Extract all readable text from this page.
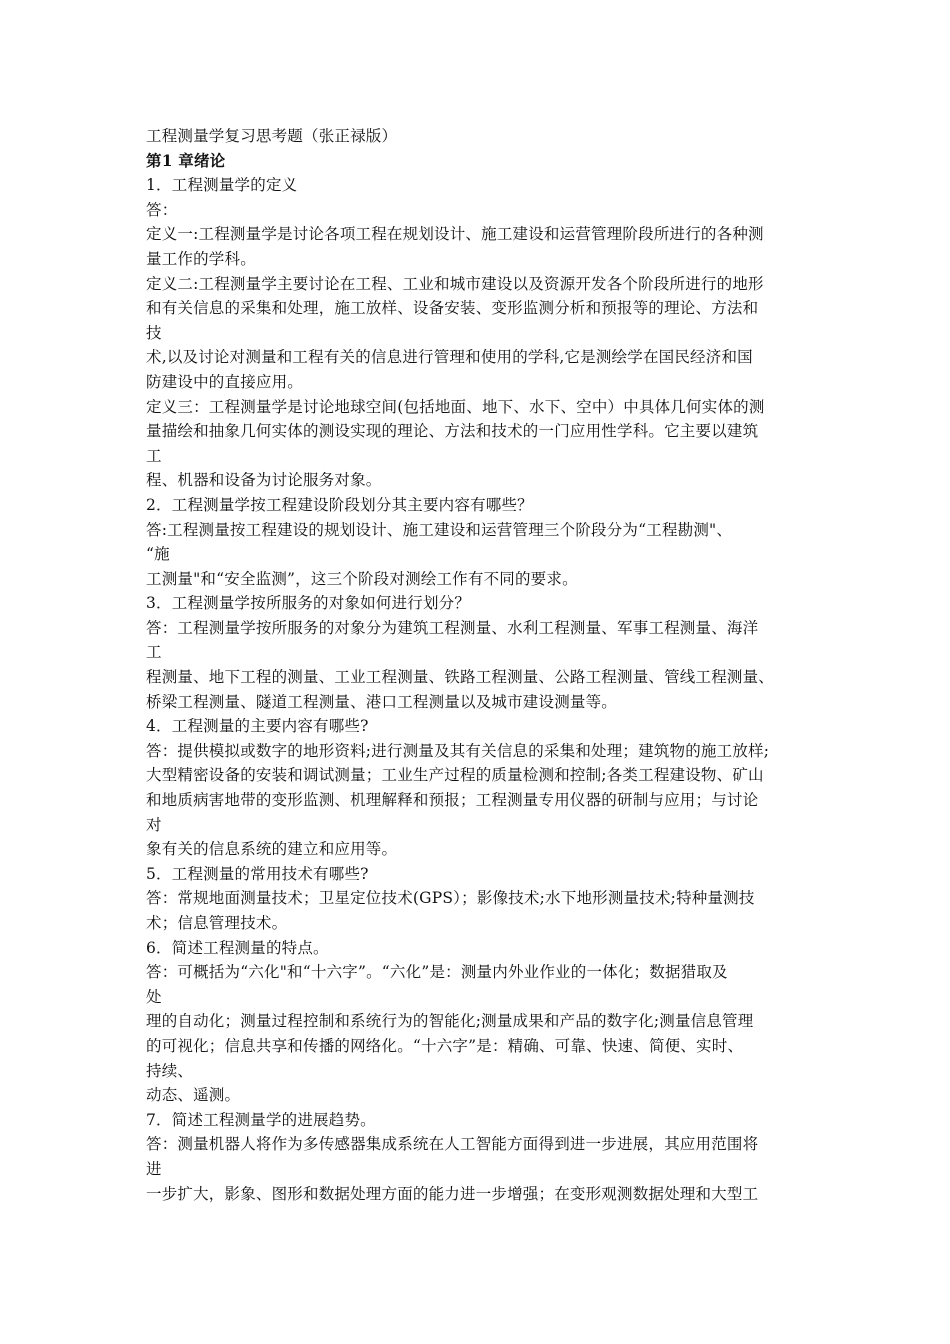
工程测量学复习思考题（张正禄版）
第1 章绪论
1．工程测量学的定义
答：
定义一:工程测量学是讨论各项工程在规划设计、施工建设和运营管理阶段所进行的各种测
量工作的学科。
定义二:工程测量学主要讨论在工程、工业和城市建设以及资源开发各个阶段所进行的地形
和有关信息的采集和处理，施工放样、设备安装、变形监测分析和预报等的理论、方法和
技
术,以及讨论对测量和工程有关的信息进行管理和使用的学科,它是测绘学在国民经济和国
防建设中的直接应用。
定义三：工程测量学是讨论地球空间(包括地面、地下、水下、空中）中具体几何实体的测
量描绘和抽象几何实体的测设实现的理论、方法和技术的一门应用性学科。它主要以建筑
工
程、机器和设备为讨论服务对象。
2．工程测量学按工程建设阶段划分其主要内容有哪些？
答:工程测量按工程建设的规划设计、施工建设和运营管理三个阶段分为“工程勘测"、
“施
工测量"和“安全监测”，这三个阶段对测绘工作有不同的要求。
3．工程测量学按所服务的对象如何进行划分？
答：工程测量学按所服务的对象分为建筑工程测量、水利工程测量、军事工程测量、海洋
工
程测量、地下工程的测量、工业工程测量、铁路工程测量、公路工程测量、管线工程测量、
桥梁工程测量、隧道工程测量、港口工程测量以及城市建设测量等。
4．工程测量的主要内容有哪些?
答：提供模拟或数字的地形资料;进行测量及其有关信息的采集和处理；建筑物的施工放样;
大型精密设备的安装和调试测量；工业生产过程的质量检测和控制;各类工程建设物、矿山
和地质病害地带的变形监测、机理解释和预报；工程测量专用仪器的研制与应用；与讨论
对
象有关的信息系统的建立和应用等。
5．工程测量的常用技术有哪些?
答：常规地面测量技术；卫星定位技术(GPS）；影像技术;水下地形测量技术;特种量测技
术；信息管理技术。
6．简述工程测量的特点。
答：可概括为“六化"和“十六字”。“六化”是：测量内外业作业的一体化；数据猎取及
处
理的自动化；测量过程控制和系统行为的智能化;测量成果和产品的数字化;测量信息管理
的可视化；信息共享和传播的网络化。“十六字”是：精确、可靠、快速、简便、实时、
持续、
动态、遥测。
7．简述工程测量学的进展趋势。
答：测量机器人将作为多传感器集成系统在人工智能方面得到进一步进展，其应用范围将
进
一步扩大，影象、图形和数据处理方面的能力进一步增强；在变形观测数据处理和大型工
